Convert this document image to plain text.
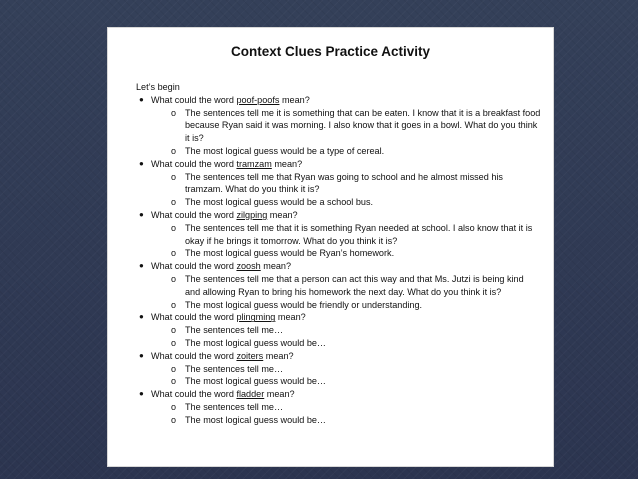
Context Clues Practice Activity

Let’s begin

● What could the word poof-poofs mean?
o The sentences tell me it is something that can be eaten. I know that it is a breakfast food because Ryan said it was morning. I also know that it goes in a bowl. What do you think it is?
o The most logical guess would be a type of cereal.
● What could the word tramzam mean?
o The sentences tell me that Ryan was going to school and he almost missed his tramzam. What do you think it is?
o The most logical guess would be a school bus.
● What could the word zilgping mean?
o The sentences tell me that it is something Ryan needed at school. I also know that it is okay if he brings it tomorrow. What do you think it is?
o The most logical guess would be Ryan’s homework.
● What could the word zoosh mean?
o The sentences tell me that a person can act this way and that Ms. Jutzi is being kind and allowing Ryan to bring his homework the next day. What do you think it is?
o The most logical guess would be friendly or understanding.
● What could the word plingming mean?
o The sentences tell me…
o The most logical guess would be…
● What could the word zoiters mean?
o The sentences tell me…
o The most logical guess would be…
● What could the word fladder mean?
o The sentences tell me…
o The most logical guess would be…
